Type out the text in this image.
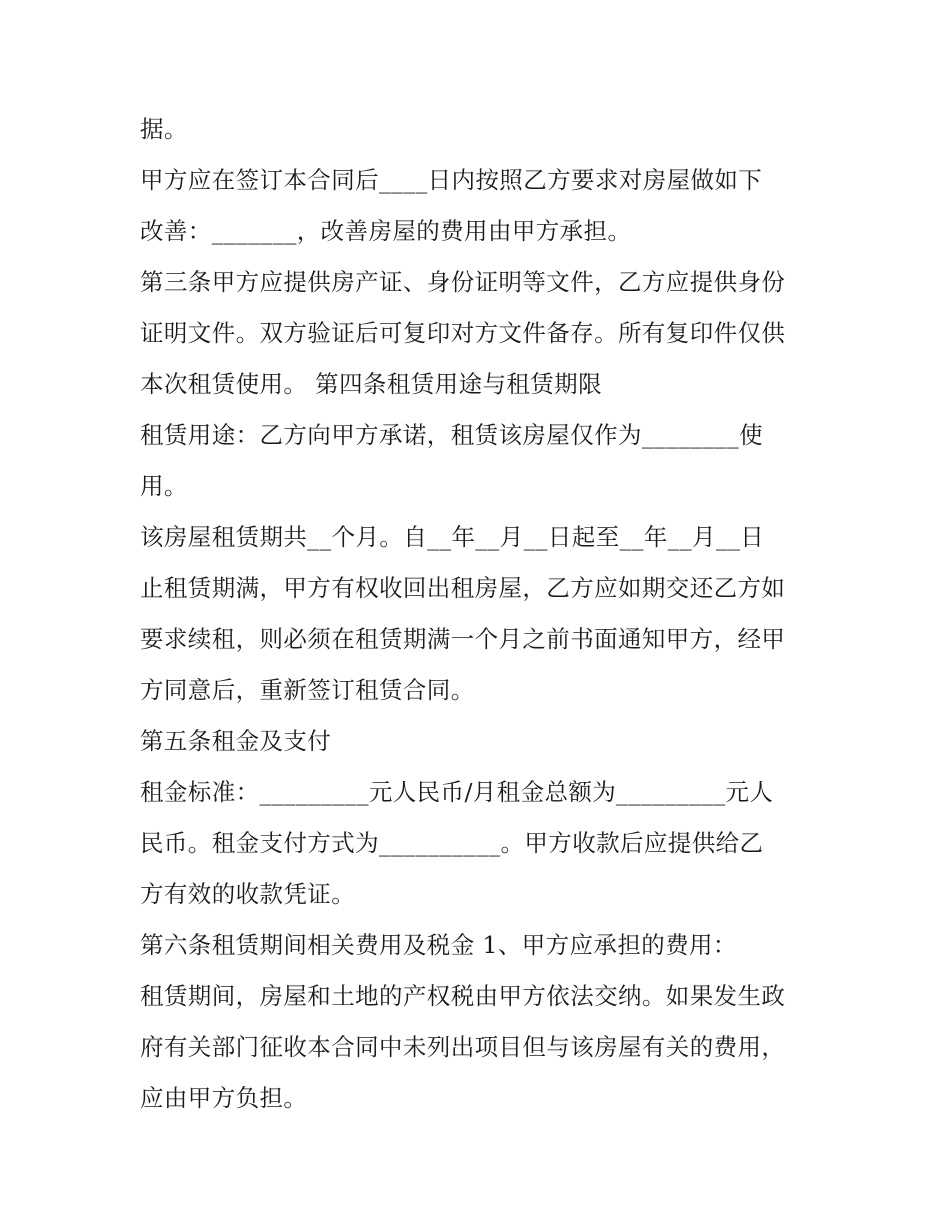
据。
甲方应在签订本合同后____日内按照乙方要求对房屋做如下
改善：_______，改善房屋的费用由甲方承担。
第三条甲方应提供房产证、身份证明等文件，乙方应提供身份
证明文件。双方验证后可复印对方文件备存。所有复印件仅供
本次租赁使用。 第四条租赁用途与租赁期限
租赁用途：乙方向甲方承诺，租赁该房屋仅作为________使
用。
该房屋租赁期共__个月。自__年__月__日起至__年__月__日
止租赁期满，甲方有权收回出租房屋，乙方应如期交还乙方如
要求续租，则必须在租赁期满一个月之前书面通知甲方，经甲
方同意后，重新签订租赁合同。
第五条租金及支付
租金标准：_________元人民币/月租金总额为_________元人
民币。租金支付方式为__________。甲方收款后应提供给乙
方有效的收款凭证。
第六条租赁期间相关费用及税金 1、甲方应承担的费用：
租赁期间，房屋和土地的产权税由甲方依法交纳。如果发生政
府有关部门征收本合同中未列出项目但与该房屋有关的费用，
应由甲方负担。
